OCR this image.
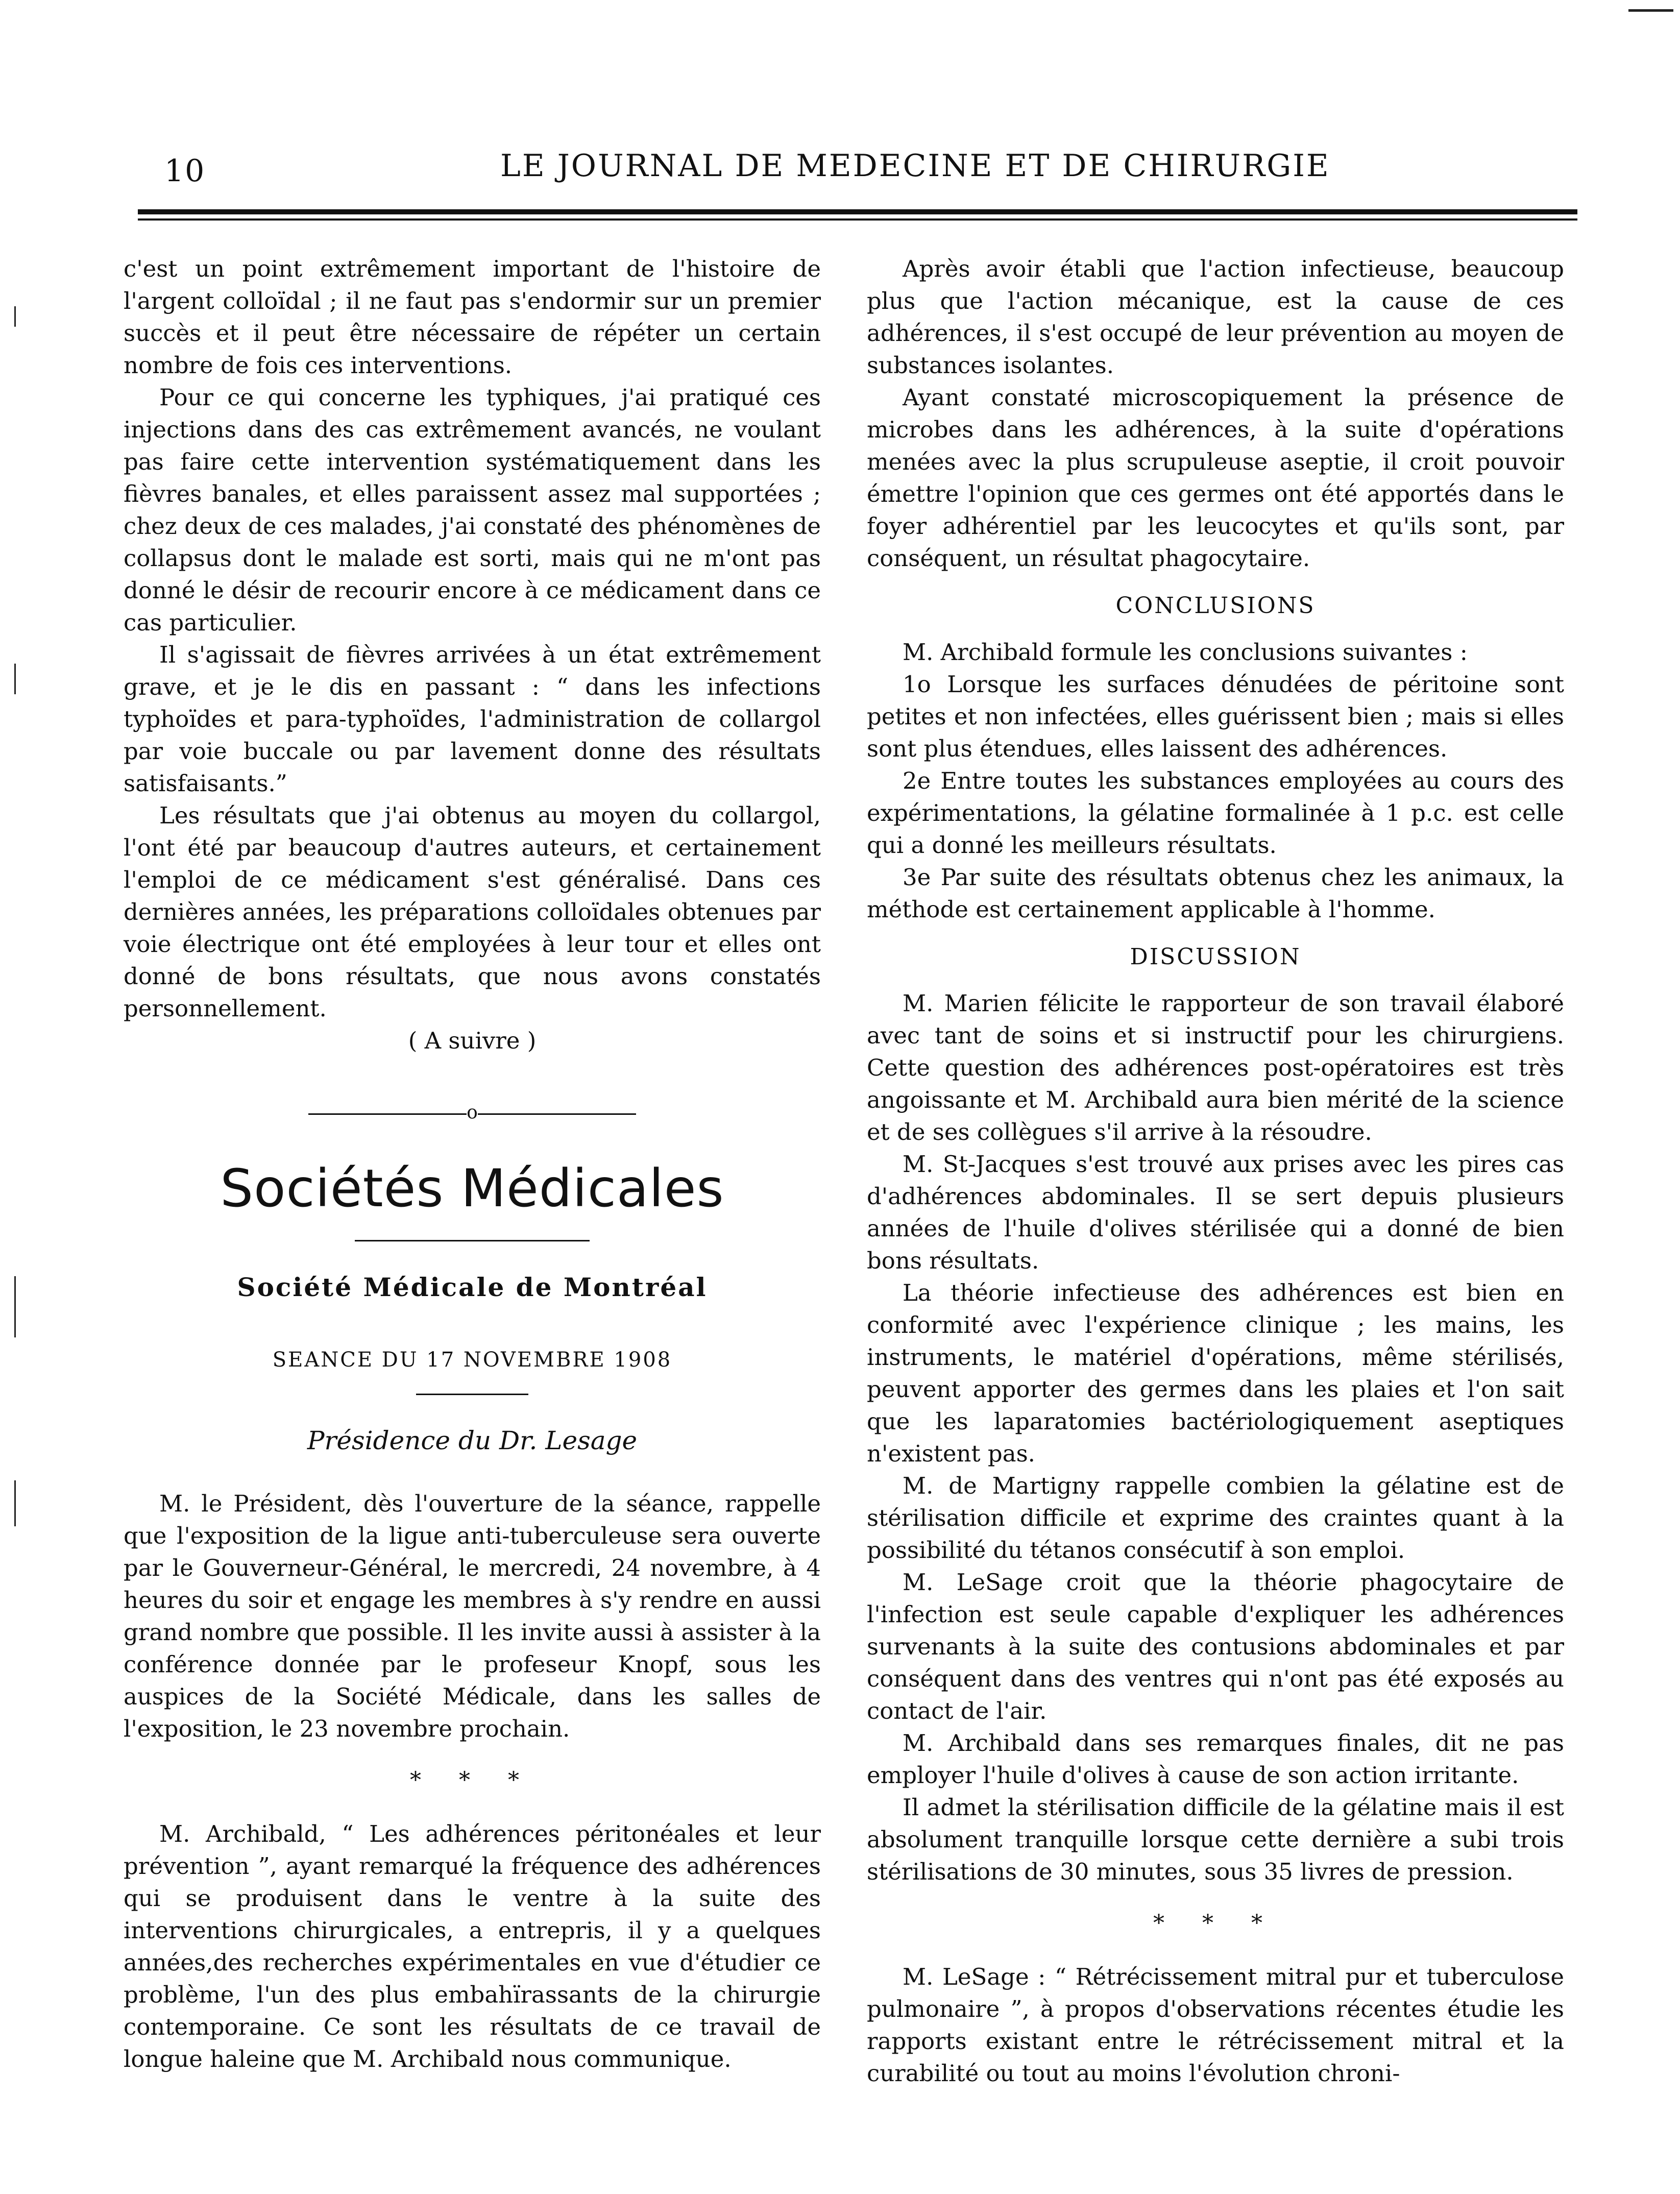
10	LE JOURNAL DE MEDECINE ET DE CHIRURGIE

c'est un point extrêmement important de l'histoire de l'argent colloïdal ; il ne faut pas s'endormir sur un premier succès et il peut être nécessaire de répéter un certain nombre de fois ces interventions.

Pour ce qui concerne les typhiques, j'ai pratiqué ces injections dans des cas extrêmement avancés, ne voulant pas faire cette intervention systématiquement dans les fièvres banales, et elles paraissent assez mal supportées ; chez deux de ces malades, j'ai constaté des phénomènes de collapsus dont le malade est sorti, mais qui ne m'ont pas donné le désir de recourir encore à ce médicament dans ce cas particulier.

Il s'agissait de fièvres arrivées à un état extrêmement grave, et je le dis en passant : “ dans les infections typhoïdes et para-typhoïdes, l'administration de collargol par voie buccale ou par lavement donne des résultats satisfaisants.”

Les résultats que j'ai obtenus au moyen du collargol, l'ont été par beaucoup d'autres auteurs, et certainement l'emploi de ce médicament s'est généralisé. Dans ces dernières années, les préparations colloïdales obtenues par voie électrique ont été employées à leur tour et elles ont donné de bons résultats, que nous avons constatés personnellement.

( A suivre )

o
Sociétés Médicales
Société Médicale de Montréal
SEANCE DU 17 NOVEMBRE 1908
Présidence du Dr. Lesage

M. le Président, dès l'ouverture de la séance, rappelle que l'exposition de la ligue anti-tuberculeuse sera ouverte par le Gouverneur-Général, le mercredi, 24 novembre, à 4 heures du soir et engage les membres à s'y rendre en aussi grand nombre que possible. Il les invite aussi à assister à la conférence donnée par le profeseur Knopf, sous les auspices de la Société Médicale, dans les salles de l'exposition, le 23 novembre prochain.

* * *

M. Archibald, “ Les adhérences péritonéales et leur prévention ”, ayant remarqué la fréquence des adhérences qui se produisent dans le ventre à la suite des interventions chirurgicales, a entrepris, il y a quelques années,des recherches expérimentales en vue d'étudier ce problème, l'un des plus embahïrassants de la chirurgie contemporaine. Ce sont les résultats de ce travail de longue haleine que M. Archibald nous communique.

Après avoir établi que l'action infectieuse, beaucoup plus que l'action mécanique, est la cause de ces adhérences, il s'est occupé de leur prévention au moyen de substances isolantes.

Ayant constaté microscopiquement la présence de microbes dans les adhérences, à la suite d'opérations menées avec la plus scrupuleuse aseptie, il croit pouvoir émettre l'opinion que ces germes ont été apportés dans le foyer adhérentiel par les leucocytes et qu'ils sont, par conséquent, un résultat phagocytaire.

CONCLUSIONS

M. Archibald formule les conclusions suivantes :

1o Lorsque les surfaces dénudées de péritoine sont petites et non infectées, elles guérissent bien ; mais si elles sont plus étendues, elles laissent des adhérences.

2e Entre toutes les substances employées au cours des expérimentations, la gélatine formalinée à 1 p.c. est celle qui a donné les meilleurs résultats.

3e Par suite des résultats obtenus chez les animaux, la méthode est certainement applicable à l'homme.

DISCUSSION

M. Marien félicite le rapporteur de son travail élaboré avec tant de soins et si instructif pour les chirurgiens. Cette question des adhérences post-opératoires est très angoissante et M. Archibald aura bien mérité de la science et de ses collègues s'il arrive à la résoudre.

M. St-Jacques s'est trouvé aux prises avec les pires cas d'adhérences abdominales. Il se sert depuis plusieurs années de l'huile d'olives stérilisée qui a donné de bien bons résultats.

La théorie infectieuse des adhérences est bien en conformité avec l'expérience clinique ; les mains, les instruments, le matériel d'opérations, même stérilisés, peuvent apporter des germes dans les plaies et l'on sait que les laparatomies bactériologiquement aseptiques n'existent pas.

M. de Martigny rappelle combien la gélatine est de stérilisation difficile et exprime des craintes quant à la possibilité du tétanos consécutif à son emploi.

M. LeSage croit que la théorie phagocytaire de l'infection est seule capable d'expliquer les adhérences survenants à la suite des contusions abdominales et par conséquent dans des ventres qui n'ont pas été exposés au contact de l'air.

M. Archibald dans ses remarques finales, dit ne pas employer l'huile d'olives à cause de son action irritante.

Il admet la stérilisation difficile de la gélatine mais il est absolument tranquille lorsque cette dernière a subi trois stérilisations de 30 minutes, sous 35 livres de pression.

* * *

M. LeSage : “ Rétrécissement mitral pur et tuberculose pulmonaire ”, à propos d'observations récentes étudie les rapports existant entre le rétrécissement mitral et la curabilité ou tout au moins l'évolution chroni-
